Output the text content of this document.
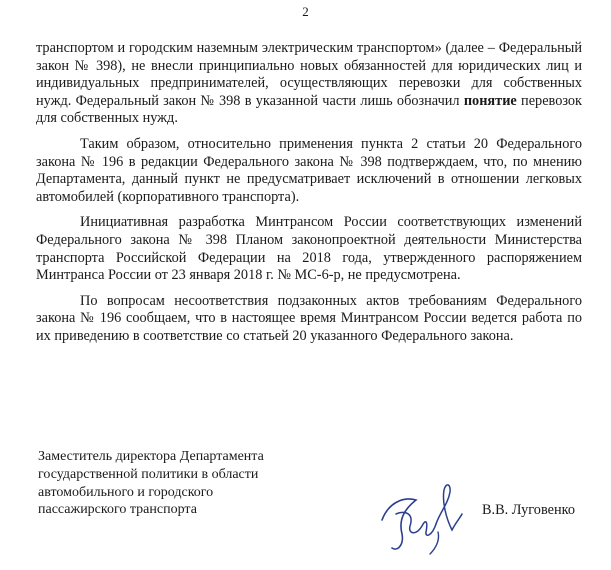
2

транспортом и городским наземным электрическим транспортом» (далее – Федеральный закон № 398), не внесли принципиально новых обязанностей для юридических лиц и индивидуальных предпринимателей, осуществляющих перевозки для собственных нужд. Федеральный закон № 398 в указанной части лишь обозначил понятие перевозок для собственных нужд.

Таким образом, относительно применения пункта 2 статьи 20 Федерального закона № 196 в редакции Федерального закона № 398 подтверждаем, что, по мнению Департамента, данный пункт не предусматривает исключений в отношении легковых автомобилей (корпоративного транспорта).

Инициативная разработка Минтрансом России соответствующих изменений Федерального закона № 398 Планом законопроектной деятельности Министерства транспорта Российской Федерации на 2018 года, утвержденного распоряжением Минтранса России от 23 января 2018 г. № МС-6-р, не предусмотрена.

По вопросам несоответствия подзаконных актов требованиям Федерального закона № 196 сообщаем, что в настоящее время Минтрансом России ведется работа по их приведению в соответствие со статьей 20 указанного Федерального закона.

Заместитель директора Департамента
государственной политики в области
автомобильного и городского
пассажирского транспорта	В.В. Луговенко
